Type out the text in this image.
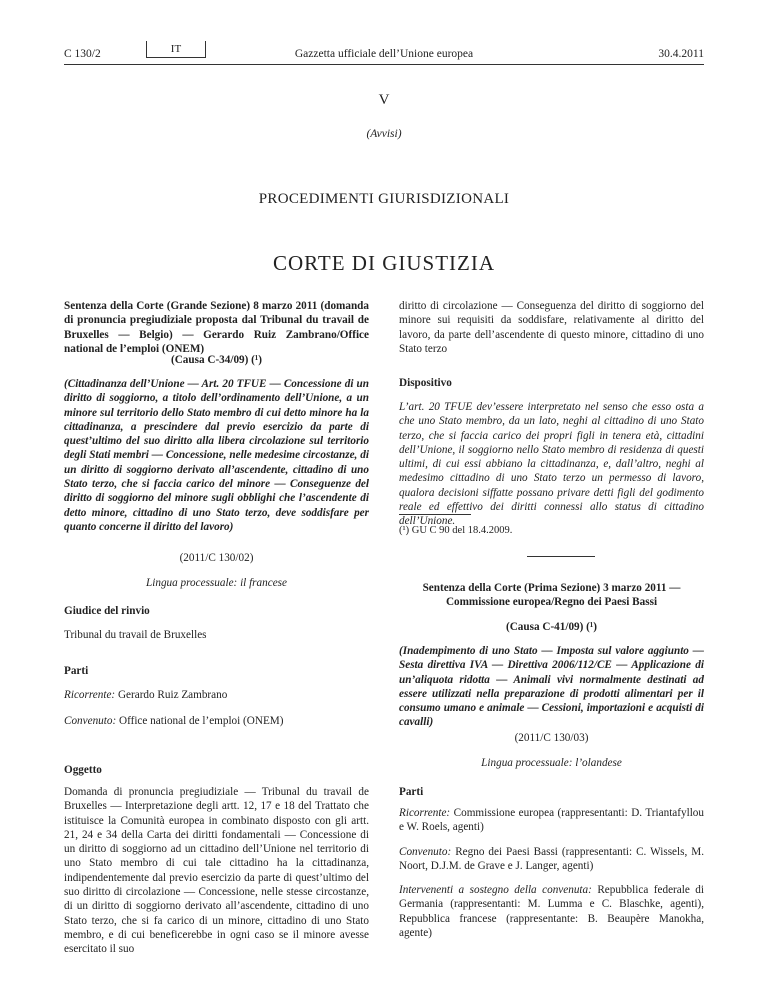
C 130/2	IT	Gazzetta ufficiale dell’Unione europea	30.4.2011
V
(Avvisi)
PROCEDIMENTI GIURISDIZIONALI
CORTE DI GIUSTIZIA
Sentenza della Corte (Grande Sezione) 8 marzo 2011 (domanda di pronuncia pregiudiziale proposta dal Tribunal du travail de Bruxelles — Belgio) — Gerardo Ruiz Zambrano/Office national de l’emploi (ONEM)
(Causa C-34/09) (¹)
(Cittadinanza dell’Unione — Art. 20 TFUE — Concessione di un diritto di soggiorno, a titolo dell’ordinamento dell’Unione, a un minore sul territorio dello Stato membro di cui detto minore ha la cittadinanza, a prescindere dal previo esercizio da parte di quest’ultimo del suo diritto alla libera circolazione sul territorio degli Stati membri — Concessione, nelle medesime circostanze, di un diritto di soggiorno derivato all’ascendente, cittadino di uno Stato terzo, che si faccia carico del minore — Conseguenze del diritto di soggiorno del minore sugli obblighi che l’ascendente di detto minore, cittadino di uno Stato terzo, deve soddisfare per quanto concerne il diritto del lavoro)
(2011/C 130/02)
Lingua processuale: il francese
Giudice del rinvio
Tribunal du travail de Bruxelles
Parti
Ricorrente: Gerardo Ruiz Zambrano
Convenuto: Office national de l’emploi (ONEM)
Oggetto
Domanda di pronuncia pregiudiziale — Tribunal du travail de Bruxelles — Interpretazione degli artt. 12, 17 e 18 del Trattato che istituisce la Comunità europea in combinato disposto con gli artt. 21, 24 e 34 della Carta dei diritti fondamentali — Concessione di un diritto di soggiorno ad un cittadino dell’Unione nel territorio di uno Stato membro di cui tale cittadino ha la cittadinanza, indipendentemente dal previo esercizio da parte di quest’ultimo del suo diritto di circolazione — Concessione, nelle stesse circostanze, di un diritto di soggiorno derivato all’ascendente, cittadino di uno Stato terzo, che si fa carico di un minore, cittadino di uno Stato membro, e di cui beneficerebbe in ogni caso se il minore avesse esercitato il suo
diritto di circolazione — Conseguenza del diritto di soggiorno del minore sui requisiti da soddisfare, relativamente al diritto del lavoro, da parte dell’ascendente di questo minore, cittadino di uno Stato terzo
Dispositivo
L’art. 20 TFUE dev’essere interpretato nel senso che esso osta a che uno Stato membro, da un lato, neghi al cittadino di uno Stato terzo, che si faccia carico dei propri figli in tenera età, cittadini dell’Unione, il soggiorno nello Stato membro di residenza di questi ultimi, di cui essi abbiano la cittadinanza, e, dall’altro, neghi al medesimo cittadino di uno Stato terzo un permesso di lavoro, qualora decisioni siffatte possano privare detti figli del godimento reale ed effettivo dei diritti connessi allo status di cittadino dell’Unione.
(¹) GU C 90 del 18.4.2009.
Sentenza della Corte (Prima Sezione) 3 marzo 2011 — Commissione europea/Regno dei Paesi Bassi
(Causa C-41/09) (¹)
(Inadempimento di uno Stato — Imposta sul valore aggiunto — Sesta direttiva IVA — Direttiva 2006/112/CE — Applicazione di un’aliquota ridotta — Animali vivi normalmente destinati ad essere utilizzati nella preparazione di prodotti alimentari per il consumo umano e animale — Cessioni, importazioni e acquisti di cavalli)
(2011/C 130/03)
Lingua processuale: l’olandese
Parti
Ricorrente: Commissione europea (rappresentanti: D. Triantafyllou e W. Roels, agenti)
Convenuto: Regno dei Paesi Bassi (rappresentanti: C. Wissels, M. Noort, D.J.M. de Grave e J. Langer, agenti)
Intervenenti a sostegno della convenuta: Repubblica federale di Germania (rappresentanti: M. Lumma e C. Blaschke, agenti), Repubblica francese (rappresentante: B. Beaupère Manokha, agente)
